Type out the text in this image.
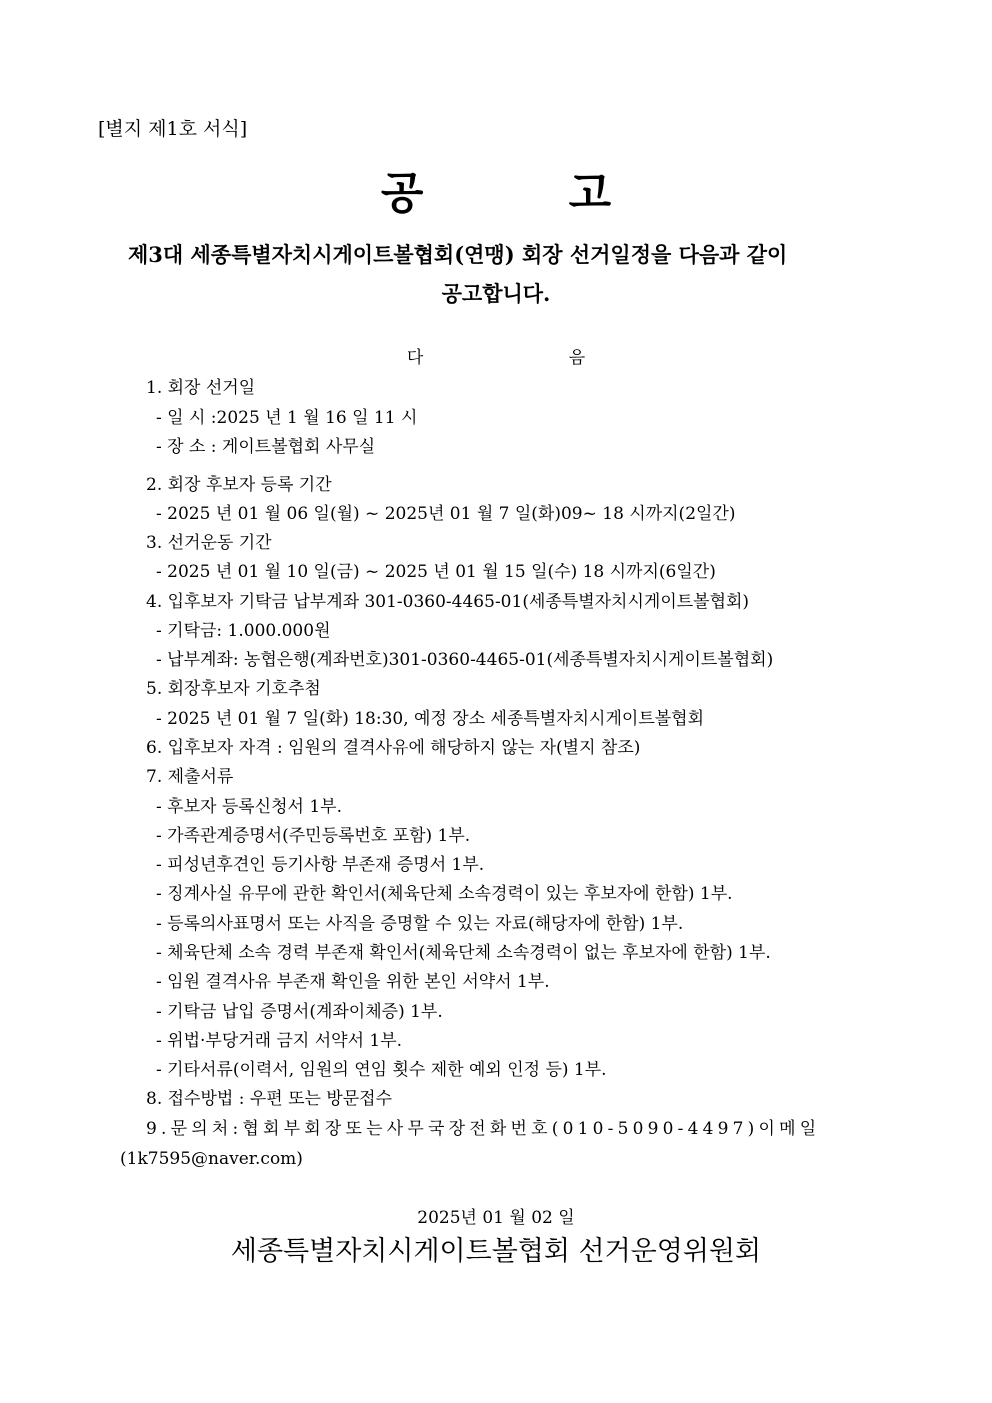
[별지 제1호 서식]
공 고
제3대 세종특별자치시게이트볼협회(연맹) 회장 선거일정을 다음과 같이
공고합니다.
다 음
1. 회장 선거일
- 일 시 :2025 년 1 월 16 일 11 시
- 장 소 : 게이트볼협회 사무실
2. 회장 후보자 등록 기간
- 2025 년 01 월 06 일(월) ~ 2025년 01 월 7 일(화)09~ 18 시까지(2일간)
3. 선거운동 기간
- 2025 년 01 월 10 일(금) ~ 2025 년 01 월 15 일(수) 18 시까지(6일간)
4. 입후보자 기탁금 납부계좌 301-0360-4465-01(세종특별자치시게이트볼협회)
- 기탁금: 1.000.000원
- 납부계좌: 농협은행(계좌번호)301-0360-4465-01(세종특별자치시게이트볼협회)
5. 회장후보자 기호추첨
- 2025 년 01 월 7 일(화) 18:30, 예정 장소 세종특별자치시게이트볼협회
6. 입후보자 자격 : 임원의 결격사유에 해당하지 않는 자(별지 참조)
7. 제출서류
- 후보자 등록신청서 1부.
- 가족관계증명서(주민등록번호 포함) 1부.
- 피성년후견인 등기사항 부존재 증명서 1부.
- 징계사실 유무에 관한 확인서(체육단체 소속경력이 있는 후보자에 한함) 1부.
- 등록의사표명서 또는 사직을 증명할 수 있는 자료(해당자에 한함) 1부.
- 체육단체 소속 경력 부존재 확인서(체육단체 소속경력이 없는 후보자에 한함) 1부.
- 임원 결격사유 부존재 확인을 위한 본인 서약서 1부.
- 기탁금 납입 증명서(계좌이체증) 1부.
- 위법·부당거래 금지 서약서 1부.
- 기타서류(이력서, 임원의 연임 횟수 제한 예외 인정 등) 1부.
8. 접수방법 : 우편 또는 방문접수
9.문의처:협회부회장또는사무국장전화번호(010-5090-4497)이메일
(1k7595@naver.com)
2025년 01 월 02 일
세종특별자치시게이트볼협회 선거운영위원회
